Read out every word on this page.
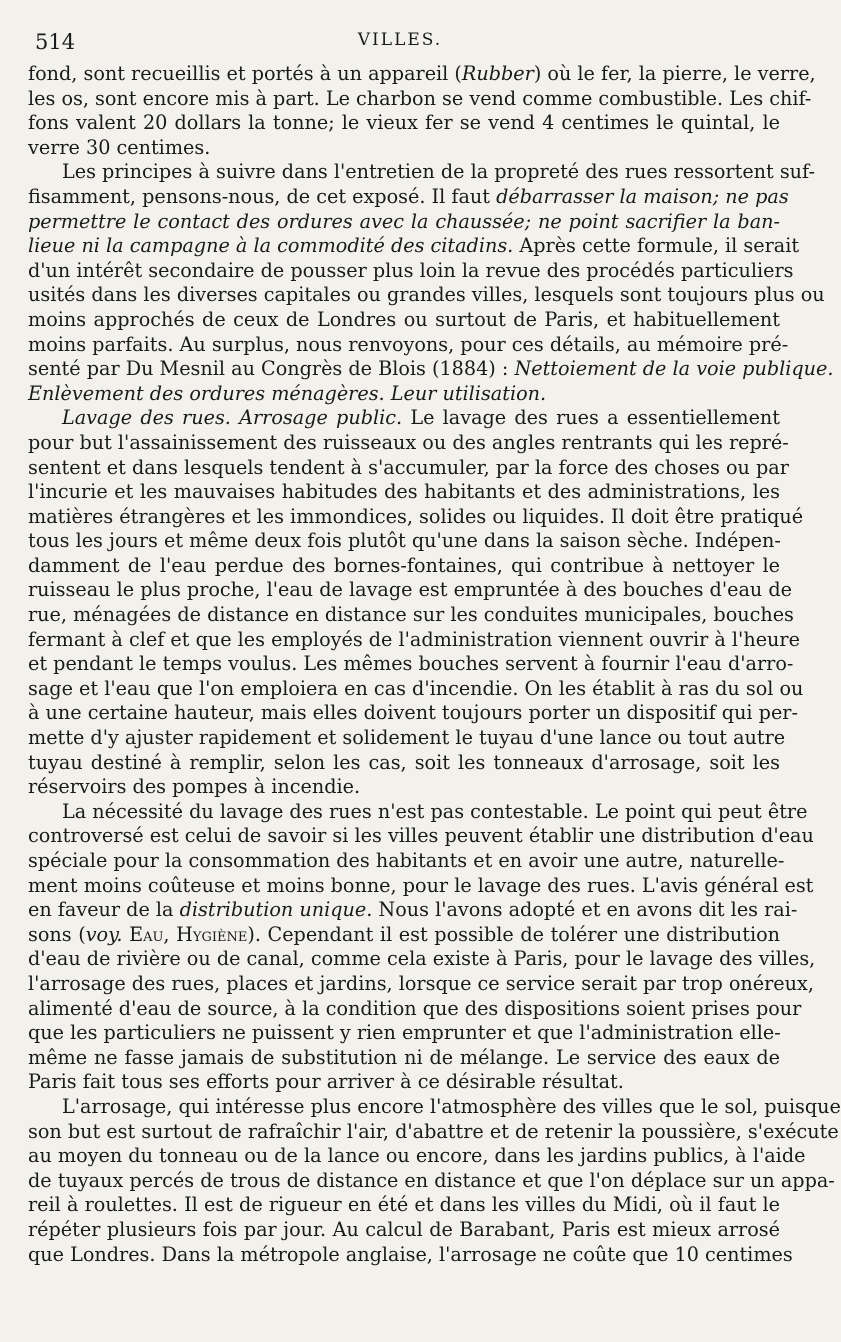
514	VILLES.
fond, sont recueillis et portés à un appareil (Rubber) où le fer, la pierre, le verre,
les os, sont encore mis à part. Le charbon se vend comme combustible. Les chif-
fons valent 20 dollars la tonne; le vieux fer se vend 4 centimes le quintal, le
verre 30 centimes.
Les principes à suivre dans l'entretien de la propreté des rues ressortent suf-
fisamment, pensons-nous, de cet exposé. Il faut débarrasser la maison; ne pas
permettre le contact des ordures avec la chaussée; ne point sacrifier la ban-
lieue ni la campagne à la commodité des citadins. Après cette formule, il serait
d'un intérêt secondaire de pousser plus loin la revue des procédés particuliers
usités dans les diverses capitales ou grandes villes, lesquels sont toujours plus ou
moins approchés de ceux de Londres ou surtout de Paris, et habituellement
moins parfaits. Au surplus, nous renvoyons, pour ces détails, au mémoire pré-
senté par Du Mesnil au Congrès de Blois (1884) : Nettoiement de la voie publique.
Enlèvement des ordures ménagères. Leur utilisation.
Lavage des rues. Arrosage public. Le lavage des rues a essentiellement
pour but l'assainissement des ruisseaux ou des angles rentrants qui les repré-
sentent et dans lesquels tendent à s'accumuler, par la force des choses ou par
l'incurie et les mauvaises habitudes des habitants et des administrations, les
matières étrangères et les immondices, solides ou liquides. Il doit être pratiqué
tous les jours et même deux fois plutôt qu'une dans la saison sèche. Indépen-
damment de l'eau perdue des bornes-fontaines, qui contribue à nettoyer le
ruisseau le plus proche, l'eau de lavage est empruntée à des bouches d'eau de
rue, ménagées de distance en distance sur les conduites municipales, bouches
fermant à clef et que les employés de l'administration viennent ouvrir à l'heure
et pendant le temps voulus. Les mêmes bouches servent à fournir l'eau d'arro-
sage et l'eau que l'on emploiera en cas d'incendie. On les établit à ras du sol ou
à une certaine hauteur, mais elles doivent toujours porter un dispositif qui per-
mette d'y ajuster rapidement et solidement le tuyau d'une lance ou tout autre
tuyau destiné à remplir, selon les cas, soit les tonneaux d'arrosage, soit les
réservoirs des pompes à incendie.
La nécessité du lavage des rues n'est pas contestable. Le point qui peut être
controversé est celui de savoir si les villes peuvent établir une distribution d'eau
spéciale pour la consommation des habitants et en avoir une autre, naturelle-
ment moins coûteuse et moins bonne, pour le lavage des rues. L'avis général est
en faveur de la distribution unique. Nous l'avons adopté et en avons dit les rai-
sons (voy. Eau, Hygiène). Cependant il est possible de tolérer une distribution
d'eau de rivière ou de canal, comme cela existe à Paris, pour le lavage des villes,
l'arrosage des rues, places et jardins, lorsque ce service serait par trop onéreux,
alimenté d'eau de source, à la condition que des dispositions soient prises pour
que les particuliers ne puissent y rien emprunter et que l'administration elle-
même ne fasse jamais de substitution ni de mélange. Le service des eaux de
Paris fait tous ses efforts pour arriver à ce désirable résultat.
L'arrosage, qui intéresse plus encore l'atmosphère des villes que le sol, puisque
son but est surtout de rafraîchir l'air, d'abattre et de retenir la poussière, s'exécute
au moyen du tonneau ou de la lance ou encore, dans les jardins publics, à l'aide
de tuyaux percés de trous de distance en distance et que l'on déplace sur un appa-
reil à roulettes. Il est de rigueur en été et dans les villes du Midi, où il faut le
répéter plusieurs fois par jour. Au calcul de Barabant, Paris est mieux arrosé
que Londres. Dans la métropole anglaise, l'arrosage ne coûte que 10 centimes
